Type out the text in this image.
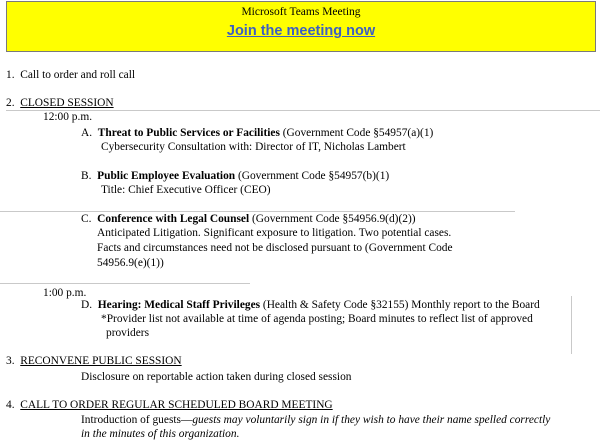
Microsoft Teams Meeting
Join the meeting now
1. Call to order and roll call
2. CLOSED SESSION
12:00 p.m.
A. Threat to Public Services or Facilities (Government Code §54957(a)(1)
Cybersecurity Consultation with: Director of IT, Nicholas Lambert
B. Public Employee Evaluation (Government Code §54957(b)(1)
Title: Chief Executive Officer (CEO)
C. Conference with Legal Counsel (Government Code §54956.9(d)(2))
Anticipated Litigation. Significant exposure to litigation. Two potential cases.
Facts and circumstances need not be disclosed pursuant to (Government Code
54956.9(e)(1))
1:00 p.m.
D. Hearing: Medical Staff Privileges (Health & Safety Code §32155) Monthly report to the Board
*Provider list not available at time of agenda posting; Board minutes to reflect list of approved
providers
3. RECONVENE PUBLIC SESSION
Disclosure on reportable action taken during closed session
4. CALL TO ORDER REGULAR SCHEDULED BOARD MEETING
Introduction of guests—guests may voluntarily sign in if they wish to have their name spelled correctly
in the minutes of this organization.
